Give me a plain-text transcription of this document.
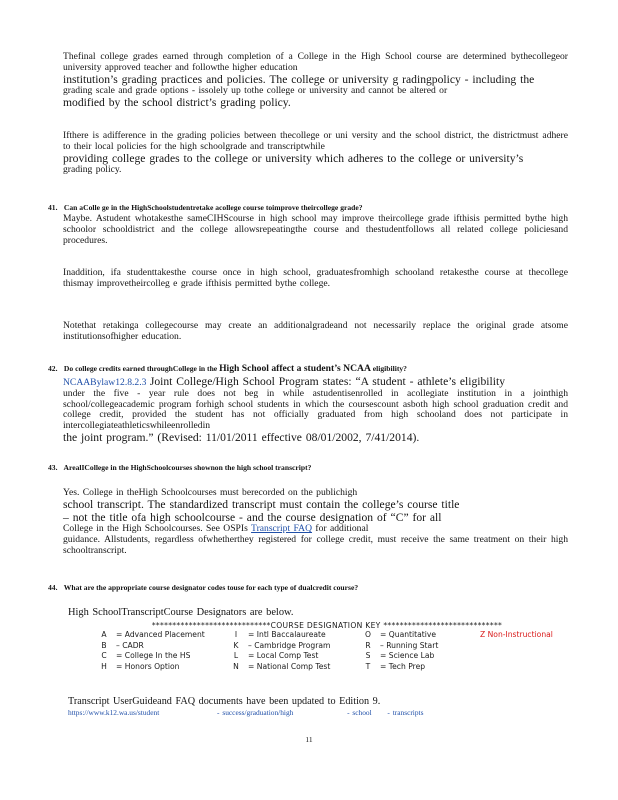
Thefinal college grades earned through completion of a College in the High School course are determined bythecollegeor university approved teacher and followthe higher education
institution’s grading practices and policies. The college or university g radingpolicy - including the
grading scale and grade options - issolely up tothe college or university and cannot be altered or
modified by the school district’s grading policy.
Ifthere is adifference in the grading policies between thecollege or uni versity and the school district, the districtmust adhere to their local policies for the high schoolgrade and transcriptwhile
providing college grades to the college or university which adheres to the college or university’s
grading policy.
41. Can aColle ge in the HighSchoolstudentretake acollege course toimprove theircollege grade?
Maybe. Astudent whotakesthe sameCIHScourse in high school may improve theircollege grade ifthisis permitted bythe high schoolor schooldistrict and the college allowsrepeatingthe course and thestudentfollows all related college policiesand procedures.
Inaddition, ifa studenttakesthe course once in high school, graduatesfromhigh schooland retakesthe course at thecollege thismay improvetheircolleg e grade ifthisis permitted bythe college.
Notethat retakinga collegecourse may create an additionalgradeand not necessarily replace the original grade atsome institutionsofhigher education.
42. Do college credits earned throughCollege in the High School affect a student’s NCAA eligibility?
NCAABylaw12.8.2.3 Joint College/High School Program states: “A student - athlete’s eligibility
under the five - year rule does not beg in while astudentisenrolled in acollegiate institution in a jointhigh school/collegeacademic program forhigh school students in which the coursescount asboth high school graduation credit and college credit, provided the student has not officially graduated from high schooland does not participate in intercollegiateathleticswhileenrolledin
the joint program.” (Revised: 11/01/2011 effective 08/01/2002, 7/41/2014).
43. ArealICollege in the HighSchoolcourses shownon the high school transcript?
Yes. College in theHigh Schoolcourses must berecorded on the publichigh
school transcript. The standardized transcript must contain the college’s course title
– not the title ofa high schoolcourse - and the course designation of “C” for all
College in the High Schoolcourses. See OSPIs Transcript FAQ for additional
guidance. Allstudents, regardless ofwhetherthey registered for college credit, must receive the same treatment on their high schooltranscript.
44. What are the appropriate course designator codes touse for each type of dualcredit course?
High SchoolTranscriptCourse Designators are below.
*****************************COURSE DESIGNATION KEY *****************************
A	= Advanced Placement	I	= Intl Baccalaureate	O	= Quantitative	Z Non-Instructional
B	– CADR	K	– Cambridge Program	R	– Running Start	
C	= College In the HS	L	= Local Comp Test	S	= Science Lab	
H	= Honors Option	N	= National Comp Test	T	= Tech Prep	
Transcript UserGuideand FAQ documents have been updated to Edition 9.
https://www.k12.wa.us/student	- success/graduation/high	- school - transcripts
11
